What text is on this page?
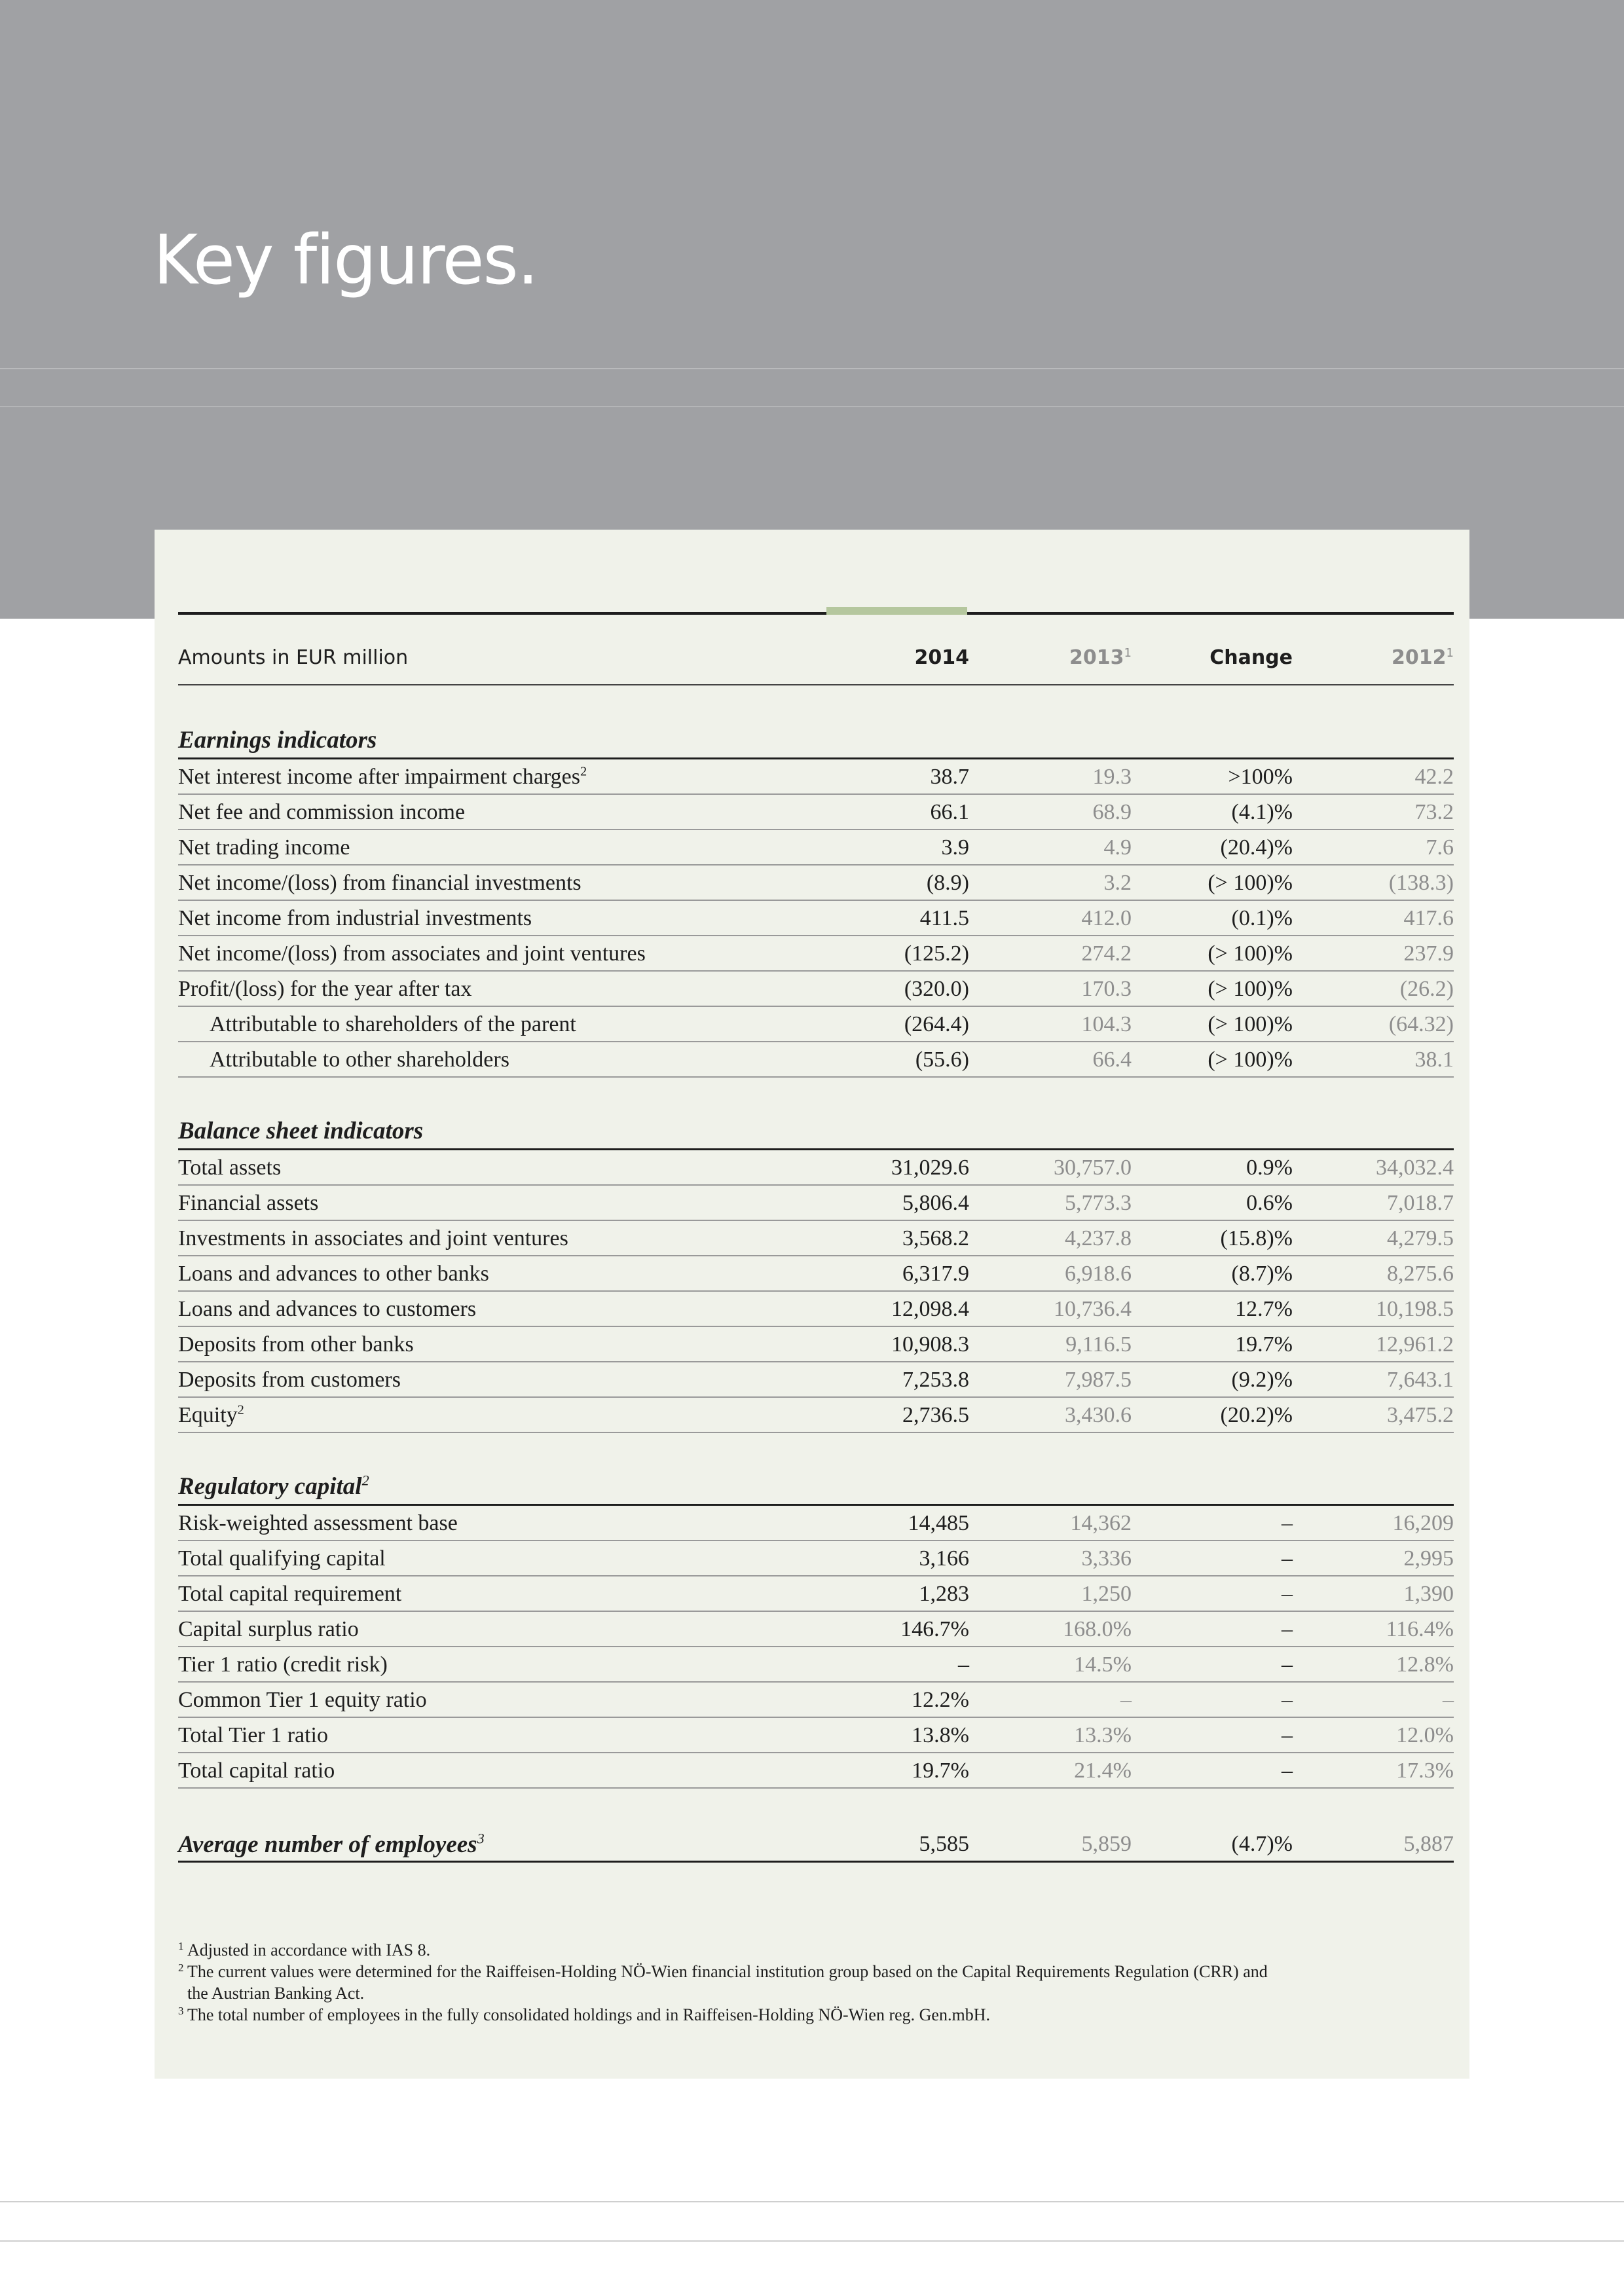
Key figures.
Amounts in EUR million	2014	2013$^1$	Change	2012$^1$
Earnings indicators
Net interest income after impairment charges$^2$	38.7	19.3	>100%	42.2
Net fee and commission income	66.1	68.9	(4.1)%	73.2
Net trading income	3.9	4.9	(20.4)%	7.6
Net income/(loss) from financial investments	(8.9)	3.2	(> 100)%	(138.3)
Net income from industrial investments	411.5	412.0	(0.1)%	417.6
Net income/(loss) from associates and joint ventures	(125.2)	274.2	(> 100)%	237.9
Profit/(loss) for the year after tax	(320.0)	170.3	(> 100)%	(26.2)
Attributable to shareholders of the parent	(264.4)	104.3	(> 100)%	(64.32)
Attributable to other shareholders	(55.6)	66.4	(> 100)%	38.1
Balance sheet indicators
Total assets	31,029.6	30,757.0	0.9%	34,032.4
Financial assets	5,806.4	5,773.3	0.6%	7,018.7
Investments in associates and joint ventures	3,568.2	4,237.8	(15.8)%	4,279.5
Loans and advances to other banks	6,317.9	6,918.6	(8.7)%	8,275.6
Loans and advances to customers	12,098.4	10,736.4	12.7%	10,198.5
Deposits from other banks	10,908.3	9,116.5	19.7%	12,961.2
Deposits from customers	7,253.8	7,987.5	(9.2)%	7,643.1
Equity$^2$	2,736.5	3,430.6	(20.2)%	3,475.2
Regulatory capital$^2$
Risk-weighted assessment base	14,485	14,362	–	16,209
Total qualifying capital	3,166	3,336	–	2,995
Total capital requirement	1,283	1,250	–	1,390
Capital surplus ratio	146.7%	168.0%	–	116.4%
Tier 1 ratio (credit risk)	–	14.5%	–	12.8%
Common Tier 1 equity ratio	12.2%	–	–	–
Total Tier 1 ratio	13.8%	13.3%	–	12.0%
Total capital ratio	19.7%	21.4%	–	17.3%
Average number of employees$^3$	5,585	5,859	(4.7)%	5,887
1 Adjusted in accordance with IAS 8.
2 The current values were determined for the Raiffeisen-Holding NÖ-Wien financial institution group based on the Capital Requirements Regulation (CRR) and
the Austrian Banking Act.
3 The total number of employees in the fully consolidated holdings and in Raiffeisen-Holding NÖ-Wien reg. Gen.mbH.
